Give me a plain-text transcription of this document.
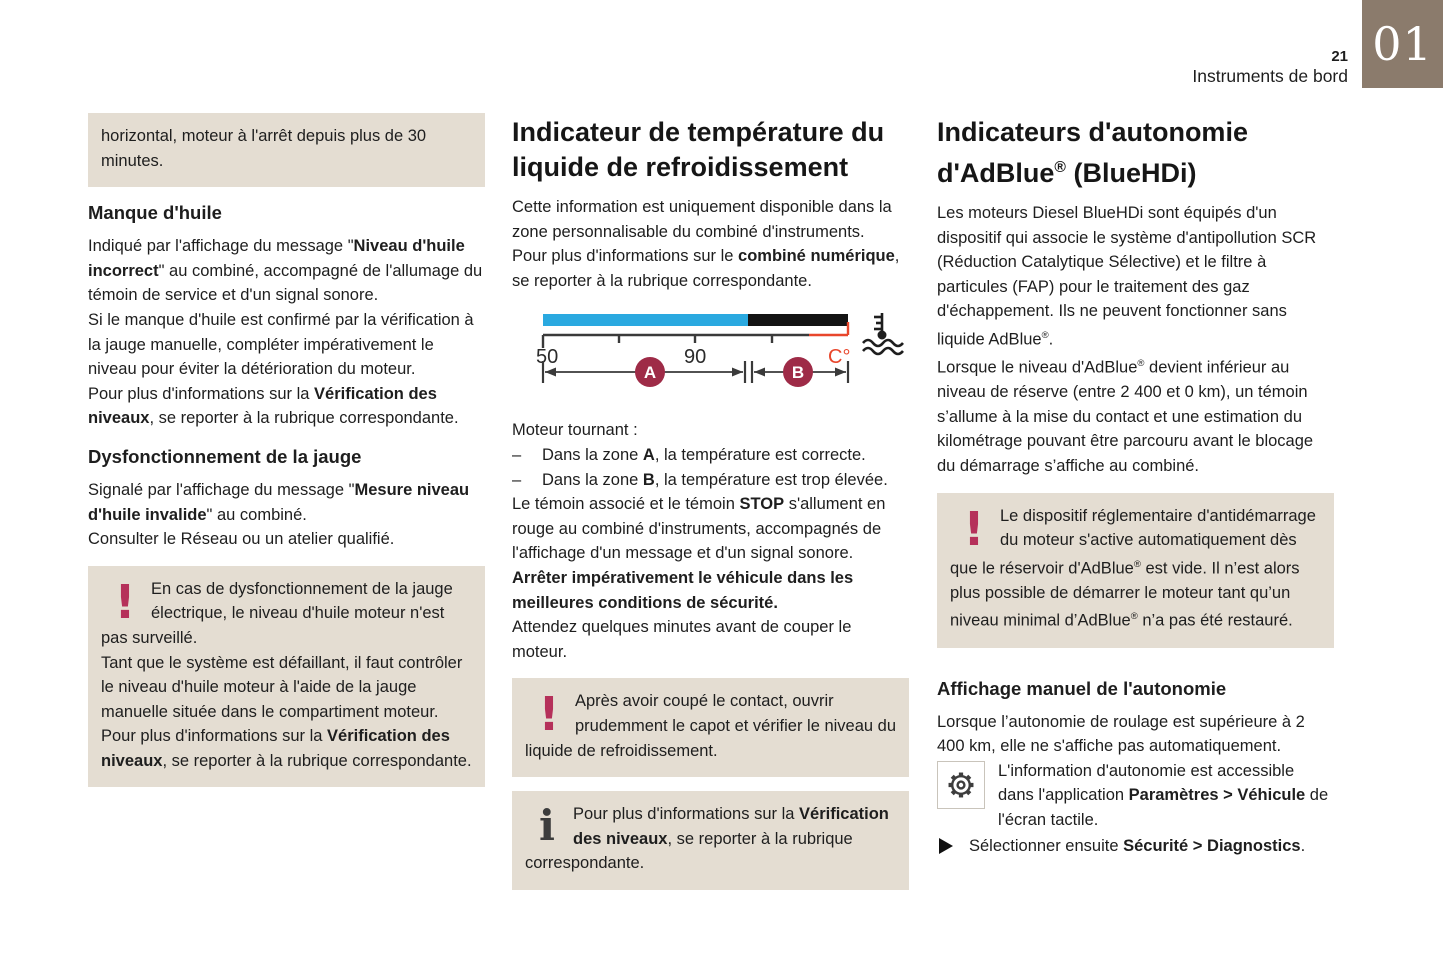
21
Instruments de bord
01

horizontal, moteur à l'arrêt depuis plus de 30 minutes.

Manque d'huile

Indiqué par l'affichage du message "Niveau d'huile incorrect" au combiné, accompagné de l'allumage du témoin de service et d'un signal sonore.

Si le manque d'huile est confirmé par la vérification à la jauge manuelle, compléter impérativement le niveau pour éviter la détérioration du moteur.

Pour plus d'informations sur la Vérification des niveaux, se reporter à la rubrique correspondante.

Dysfonctionnement de la jauge

Signalé par l'affichage du message "Mesure niveau d'huile invalide" au combiné.
Consulter le Réseau ou un atelier qualifié.

! En cas de dysfonctionnement de la jauge électrique, le niveau d'huile moteur n'est pas surveillé.
Tant que le système est défaillant, il faut contrôler le niveau d'huile moteur à l'aide de la jauge manuelle située dans le compartiment moteur.
Pour plus d'informations sur la Vérification des niveaux, se reporter à la rubrique correspondante.

Indicateur de température du liquide de refroidissement

Cette information est uniquement disponible dans la zone personnalisable du combiné d'instruments.

Pour plus d'informations sur le combiné numérique, se reporter à la rubrique correspondante.

50	90	C°
A	B

Moteur tournant :

–	Dans la zone A, la température est correcte.
–	Dans la zone B, la température est trop élevée.

Le témoin associé et le témoin STOP s'allument en rouge au combiné d'instruments, accompagnés de l'affichage d'un message et d'un signal sonore.

Arrêter impérativement le véhicule dans les meilleures conditions de sécurité.

Attendez quelques minutes avant de couper le moteur.

! Après avoir coupé le contact, ouvrir prudemment le capot et vérifier le niveau du liquide de refroidissement.

i	Pour plus d'informations sur la Vérification des niveaux, se reporter à la rubrique correspondante.

Indicateurs d'autonomie d'AdBlue® (BlueHDi)

Les moteurs Diesel BlueHDi sont équipés d'un dispositif qui associe le système d'antipollution SCR (Réduction Catalytique Sélective) et le filtre à particules (FAP) pour le traitement des gaz d'échappement. Ils ne peuvent fonctionner sans liquide AdBlue®.

Lorsque le niveau d'AdBlue® devient inférieur au niveau de réserve (entre 2 400 et 0 km), un témoin s’allume à la mise du contact et une estimation du kilométrage pouvant être parcouru avant le blocage du démarrage s’affiche au combiné.

! Le dispositif réglementaire d'antidémarrage du moteur s'active automatiquement dès que le réservoir d'AdBlue® est vide. Il n’est alors plus possible de démarrer le moteur tant qu’un niveau minimal d’AdBlue® n’a pas été restauré.

Affichage manuel de l'autonomie

Lorsque l’autonomie de roulage est supérieure à 2 400 km, elle ne s'affiche pas automatiquement.

L'information d'autonomie est accessible dans l'application Paramètres > Véhicule de l'écran tactile.

Sélectionner ensuite Sécurité > Diagnostics.
